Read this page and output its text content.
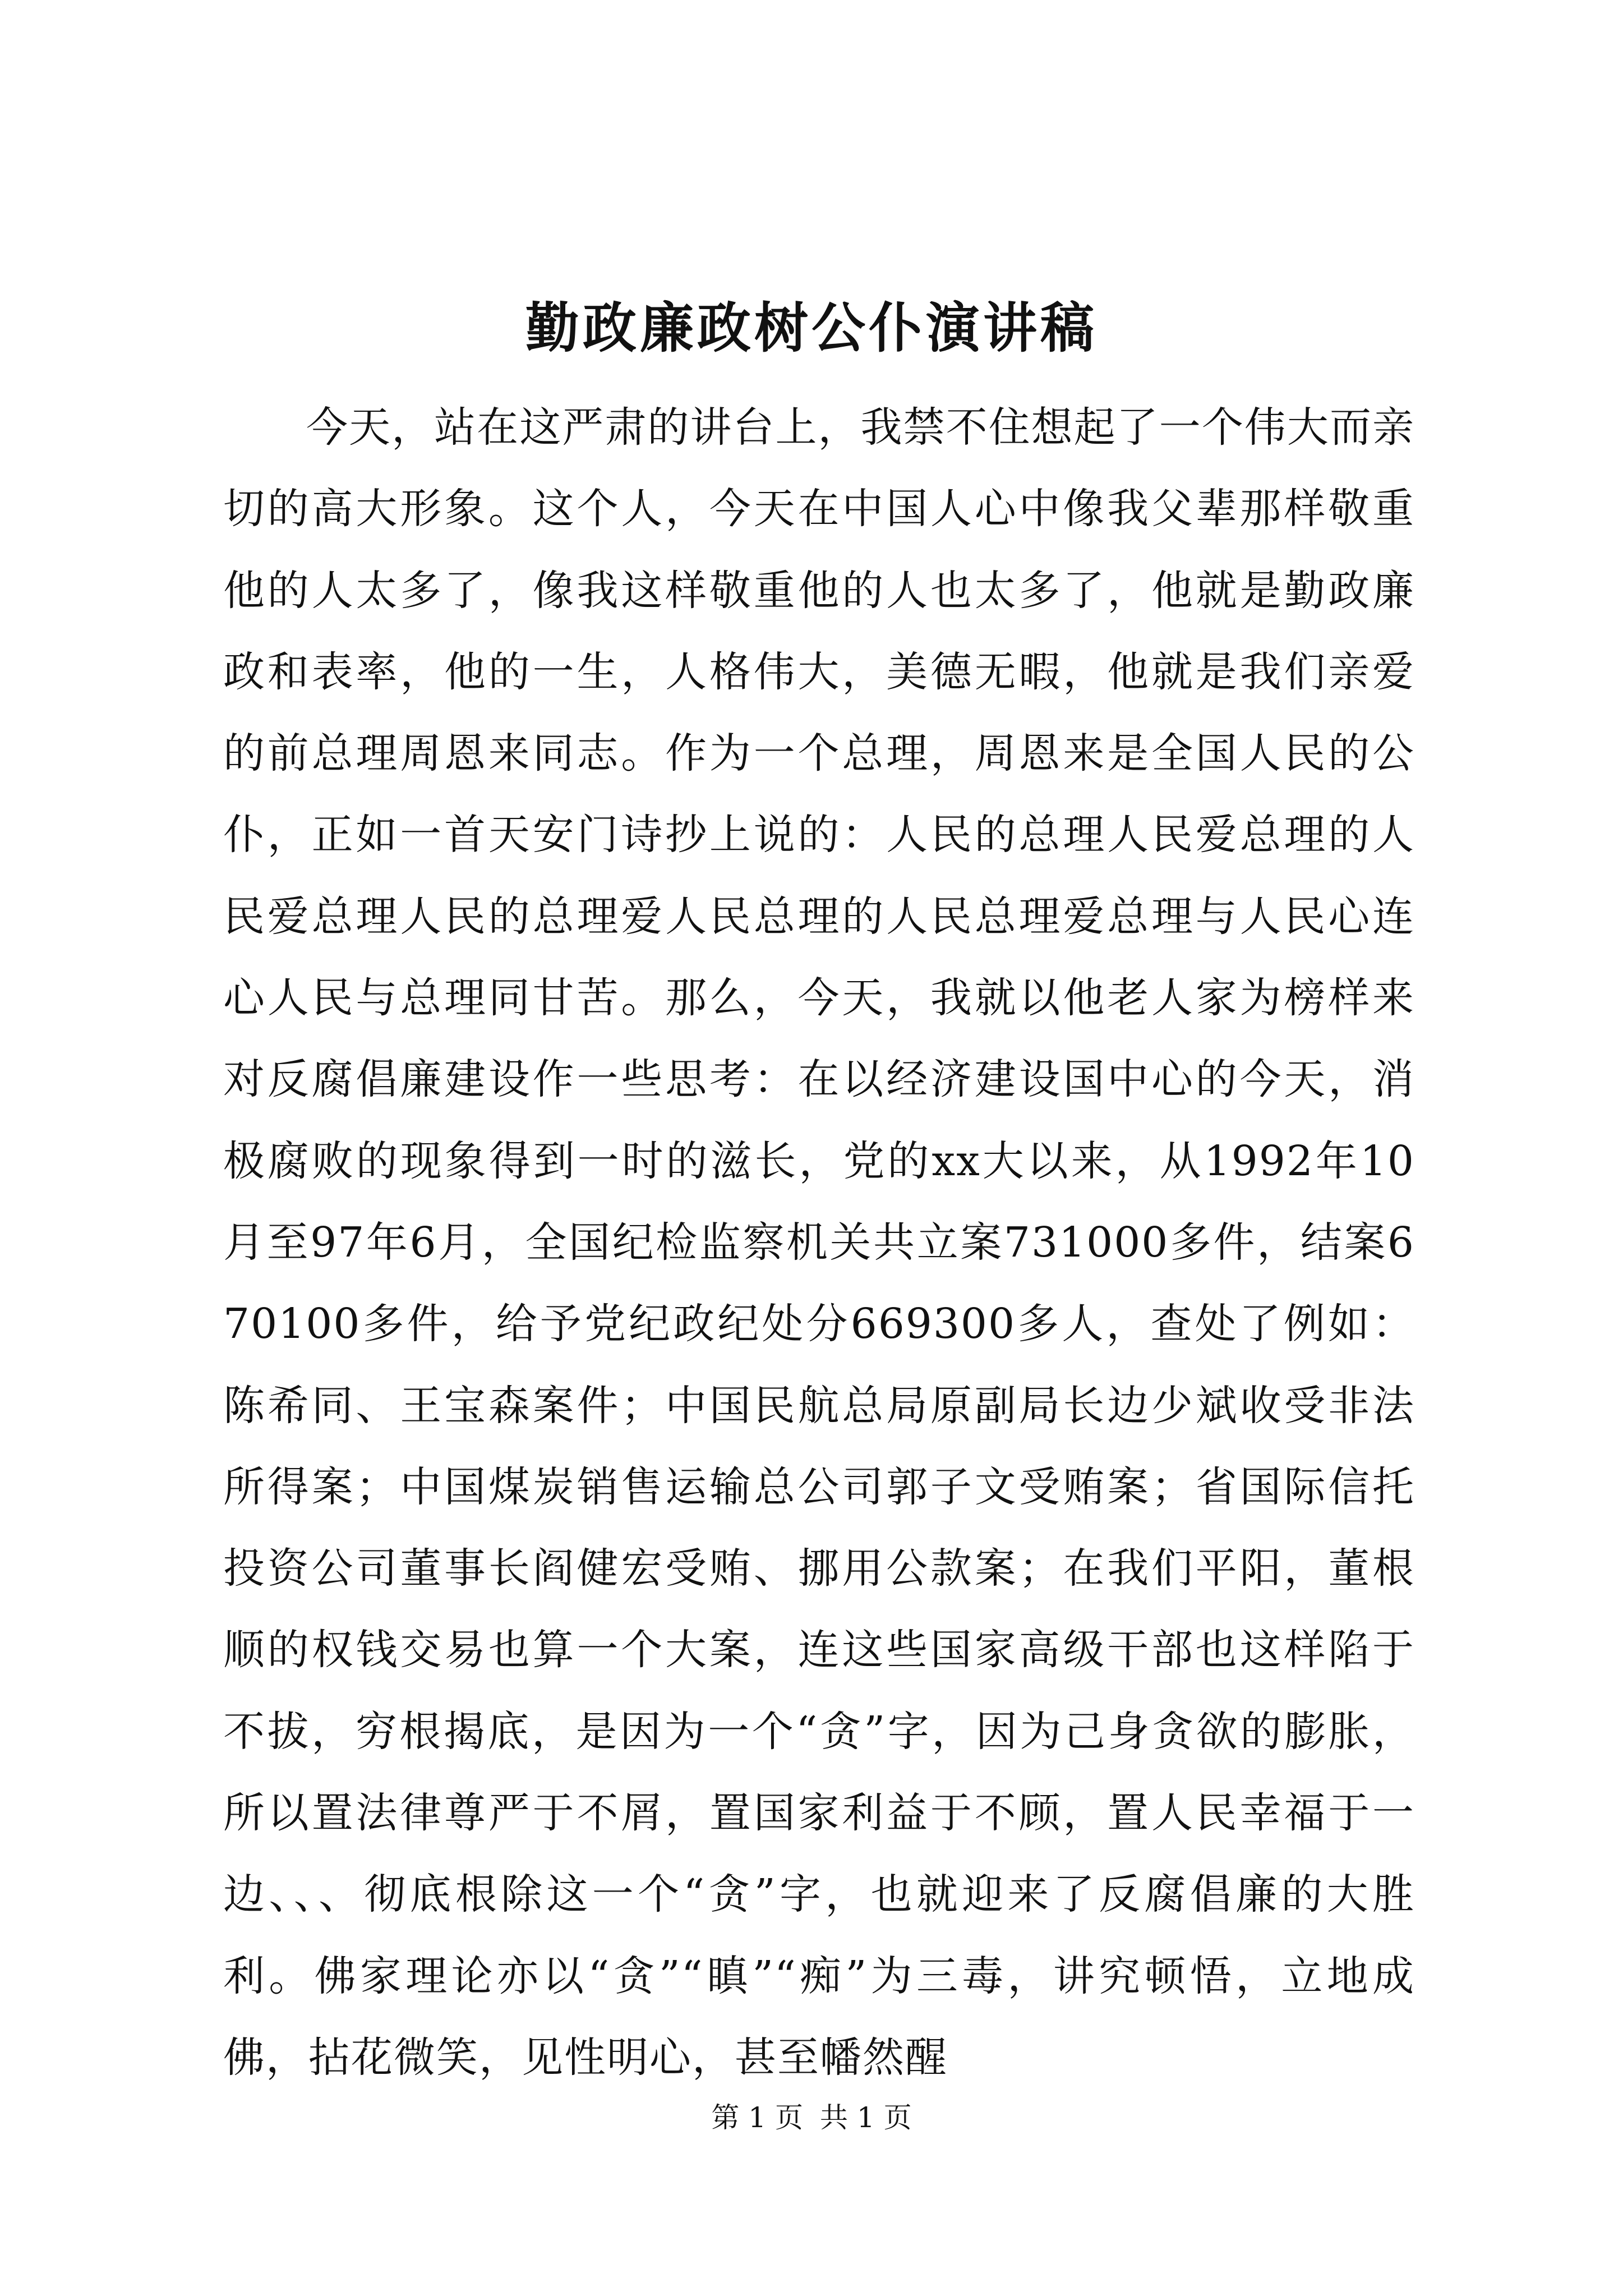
勤政廉政树公仆演讲稿

今天，站在这严肃的讲台上，我禁不住想起了一个伟大而亲切的高大形象。这个人，今天在中国人心中像我父辈那样敬重他的人太多了，像我这样敬重他的人也太多了，他就是勤政廉政和表率，他的一生，人格伟大，美德无暇，他就是我们亲爱的前总理周恩来同志。作为一个总理，周恩来是全国人民的公仆，正如一首天安门诗抄上说的：人民的总理人民爱总理的人民爱总理人民的总理爱人民总理的人民总理爱总理与人民心连心人民与总理同甘苦。那么，今天，我就以他老人家为榜样来对反腐倡廉建设作一些思考：在以经济建设国中心的今天，消极腐败的现象得到一时的滋长，党的xx大以来，从1992年10月至97年6月，全国纪检监察机关共立案731000多件，结案670100多件，给予党纪政纪处分669300多人，查处了例如：陈希同、王宝森案件；中国民航总局原副局长边少斌收受非法所得案；中国煤炭销售运输总公司郭子文受贿案；省国际信托投资公司董事长阎健宏受贿、挪用公款案；在我们平阳，董根顺的权钱交易也算一个大案，连这些国家高级干部也这样陷于不拔，穷根揭底，是因为一个“贪”字，因为己身贪欲的膨胀，所以置法律尊严于不屑，置国家利益于不顾，置人民幸福于一边、、、彻底根除这一个“贪”字，也就迎来了反腐倡廉的大胜利。佛家理论亦以“贪”“瞋”“痴”为三毒，讲究顿悟，立地成佛，拈花微笑，见性明心，甚至幡然醒

第 1 页 共 1 页
